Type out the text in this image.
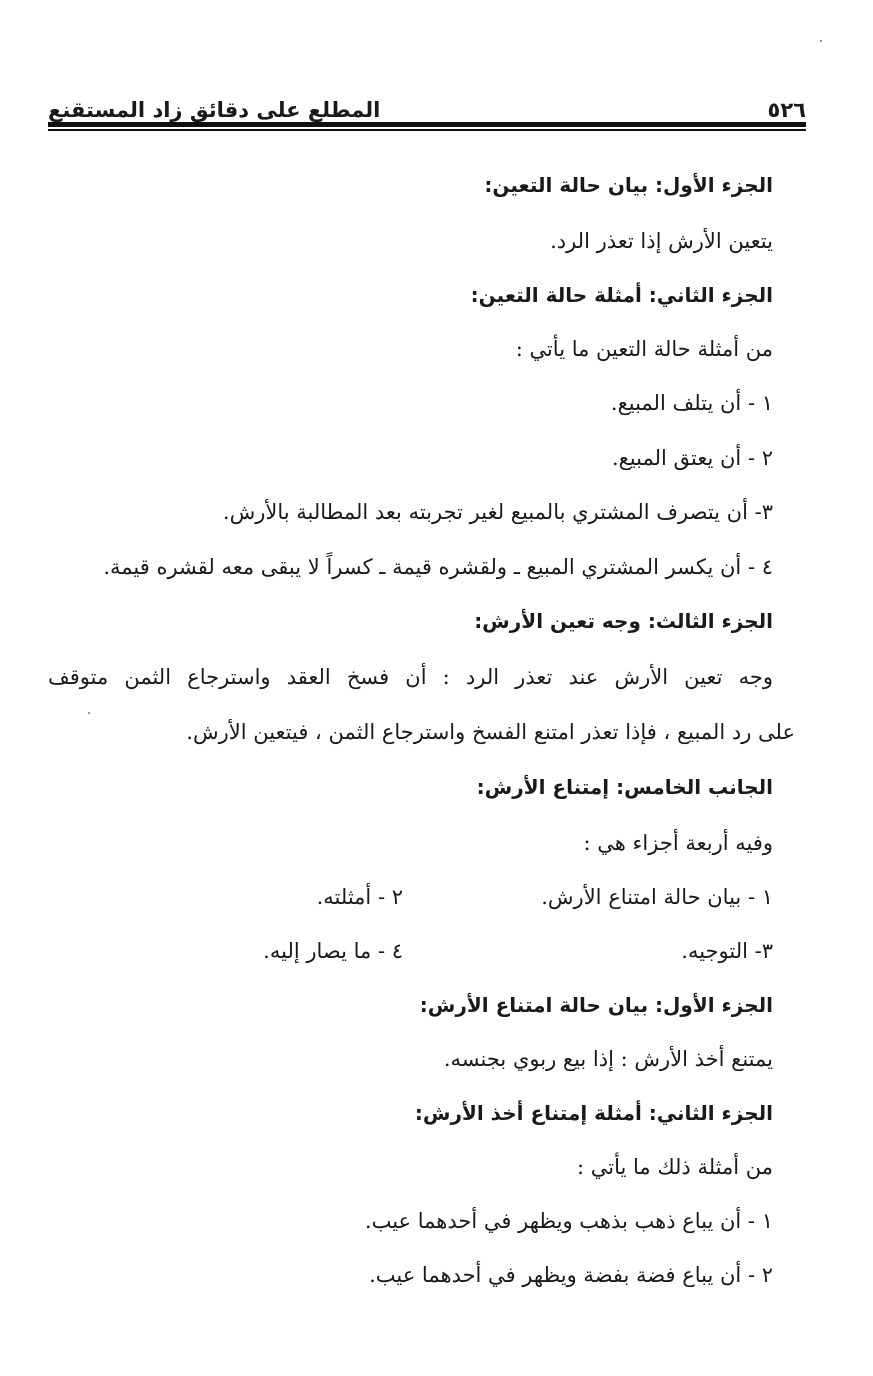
٥٢٦
المطلع على دقائق زاد المستقنع
الجزء الأول: بيان حالة التعين:
يتعين الأرش إذا تعذر الرد.
الجزء الثاني: أمثلة حالة التعين:
من أمثلة حالة التعين ما يأتي :
١ - أن يتلف المبيع.
٢ - أن يعتق المبيع.
٣- أن يتصرف المشتري بالمبيع لغير تجربته بعد المطالبة بالأرش.
٤ - أن يكسر المشتري المبيع ـ ولقشره قيمة ـ كسراً لا يبقى معه لقشره قيمة.
الجزء الثالث: وجه تعين الأرش:
وجه تعين الأرش عند تعذر الرد : أن فسخ العقد واسترجاع الثمن متوقف
على رد المبيع ، فإذا تعذر امتنع الفسخ واسترجاع الثمن ، فيتعين الأرش.
الجانب الخامس: إمتناع الأرش:
وفيه أربعة أجزاء هي :
١ - بيان حالة امتناع الأرش.
٢ - أمثلته.
٣- التوجيه.
٤ - ما يصار إليه.
الجزء الأول: بيان حالة امتناع الأرش:
يمتنع أخذ الأرش : إذا بيع ربوي بجنسه.
الجزء الثاني: أمثلة إمتناع أخذ الأرش:
من أمثلة ذلك ما يأتي :
١ - أن يباع ذهب بذهب ويظهر في أحدهما عيب.
٢ - أن يباع فضة بفضة ويظهر في أحدهما عيب.
